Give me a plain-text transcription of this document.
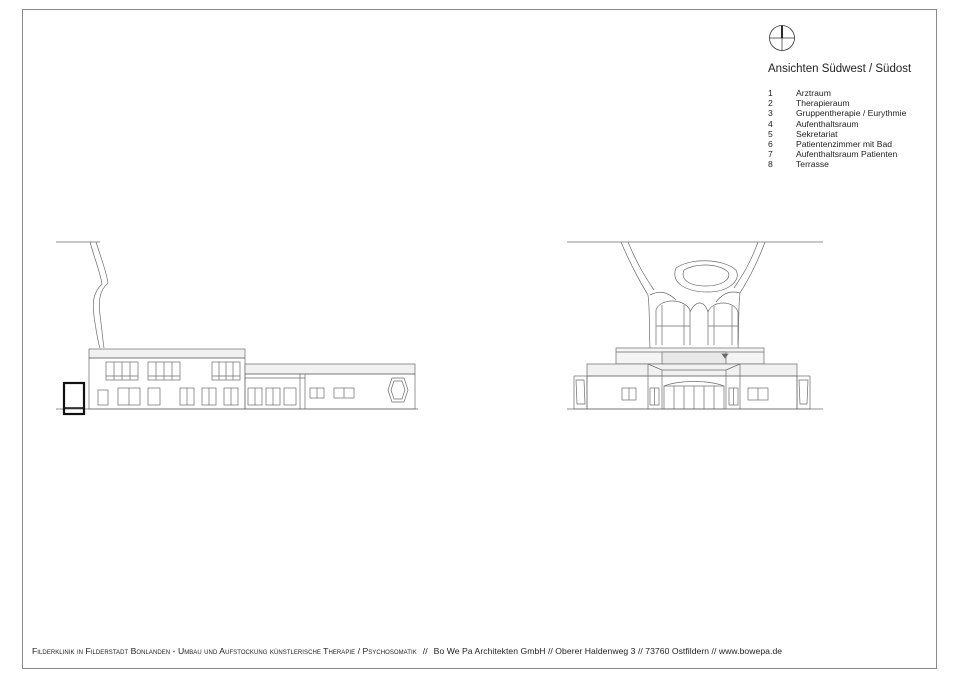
Ansichten Südwest / Südost
1	Arztraum
2	Therapieraum
3	Gruppentherapie / Eurythmie
4	Aufenthaltsraum
5	Sekretariat
6	Patientenzimmer mit Bad
7	Aufenthaltsraum Patienten
8	Terrasse
Filderklinik in Filderstadt Bonlanden - Umbau und Aufstockung künstlerische Therapie / Psychosomatik // Bo We Pa Architekten GmbH // Oberer Haldenweg 3 // 73760 Ostfildern // www.bowepa.de
